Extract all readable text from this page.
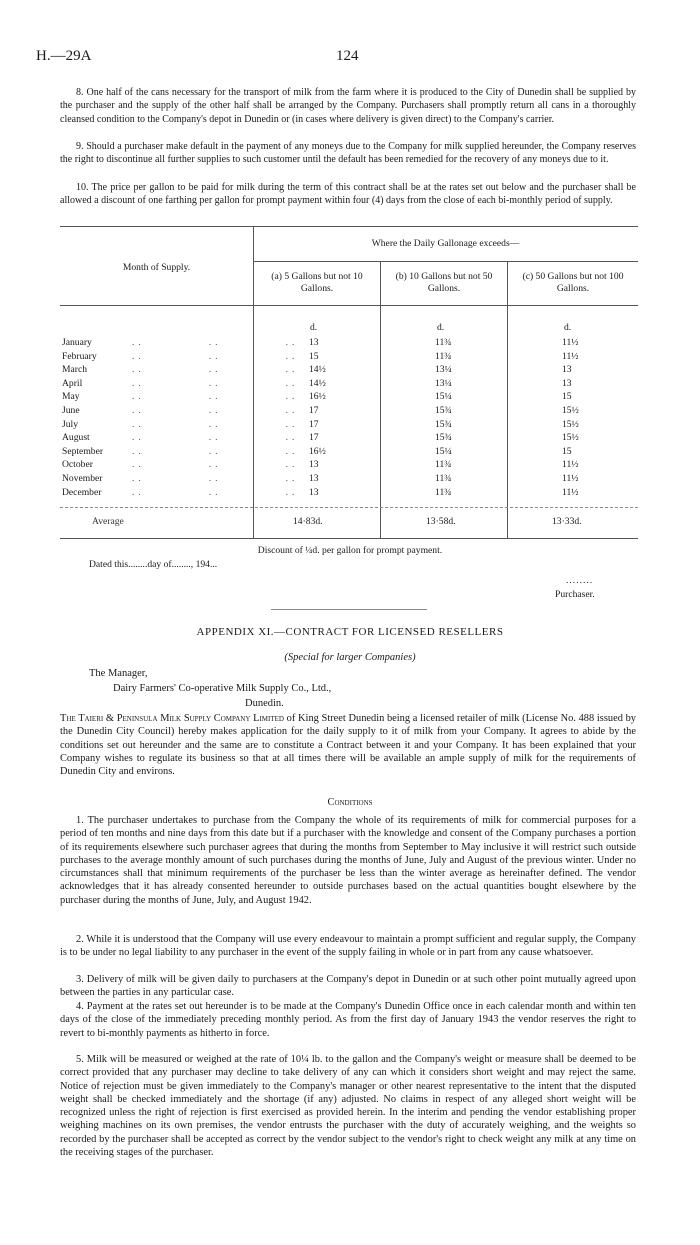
H.—29A	124

8. One half of the cans necessary for the transport of milk from the farm where it is produced to the City of Dunedin shall be supplied by the purchaser and the supply of the other half shall be arranged by the Company. Purchasers shall promptly return all cans in a thoroughly cleansed condition to the Company's depot in Dunedin or (in cases where delivery is given direct) to the Company's carrier.

9. Should a purchaser make default in the payment of any moneys due to the Company for milk supplied hereunder, the Company reserves the right to discontinue all further supplies to such customer until the default has been remedied for the recovery of any moneys due to it.

10. The price per gallon to be paid for milk during the term of this contract shall be at the rates set out below and the purchaser shall be allowed a discount of one farthing per gallon for prompt payment within four (4) days from the close of each bi-monthly period of supply.

Month of Supply.
Where the Daily Gallonage exceeds—
(a) 5 Gallons but not 10 Gallons.
(b) 10 Gallons but not 50 Gallons.
(c) 50 Gallons but not 100 Gallons.
d.	d.	d.
January	..          ..          .. 13	11¾	11½
February	..          ..          .. 15	11¾	11½
March	..          ..          .. 14½	13¼	13
April	..          ..          .. 14½	13¼	13
May	..          ..          .. 16½	15¼	15
June	..          ..          .. 17	15¾	15½
July	..          ..          .. 17	15¾	15½
August	..          ..          .. 17	15¾	15½
September	..          ..          .. 16½	15¼	15
October	..          ..          .. 13	11¾	11½
November	..          ..          .. 13	11¾	11½
December	..          ..          .. 13	11¾	11½
Average	14·83d.	13·58d.	13·33d.
Discount of ¼d. per gallon for prompt payment.
Dated this........day of........, 194...
........
Purchaser.
APPENDIX XI.—CONTRACT FOR LICENSED RESELLERS
(Special for larger Companies)
The Manager,
Dairy Farmers' Co-operative Milk Supply Co., Ltd.,
Dunedin.

The Taieri & Peninsula Milk Supply Company Limited of King Street Dunedin being a licensed retailer of milk (License No. 488 issued by the Dunedin City Council) hereby makes application for the daily supply to it of milk from your Company. It agrees to abide by the conditions set out hereunder and the same are to constitute a Contract between it and your Company. It has been explained that your Company wishes to regulate its business so that at all times there will be available an ample supply of milk for the requirements of Dunedin City and environs.

Conditions

1. The purchaser undertakes to purchase from the Company the whole of its requirements of milk for commercial purposes for a period of ten months and nine days from this date but if a purchaser with the knowledge and consent of the Company purchases a portion of its requirements elsewhere such purchaser agrees that during the months from September to May inclusive it will restrict such outside purchases to the average monthly amount of such purchases during the months of June, July and August of the previous winter. Under no circumstances shall that minimum requirements of the purchaser be less than the winter average as hereinafter defined. The vendor acknowledges that it has already consented hereunder to outside purchases based on the actual quantities bought elsewhere by the purchaser during the months of June, July, and August 1942.

2. While it is understood that the Company will use every endeavour to maintain a prompt sufficient and regular supply, the Company is to be under no legal liability to any purchaser in the event of the supply failing in whole or in part from any cause whatsoever.

3. Delivery of milk will be given daily to purchasers at the Company's depot in Dunedin or at such other point mutually agreed upon between the parties in any particular case.

4. Payment at the rates set out hereunder is to be made at the Company's Dunedin Office once in each calendar month and within ten days of the close of the immediately preceding monthly period. As from the first day of January 1943 the vendor reserves the right to revert to bi-monthly payments as hitherto in force.

5. Milk will be measured or weighed at the rate of 10¼ lb. to the gallon and the Company's weight or measure shall be deemed to be correct provided that any purchaser may decline to take delivery of any can which it considers short weight and may reject the same. Notice of rejection must be given immediately to the Company's manager or other nearest representative to the intent that the disputed weight shall be checked immediately and the shortage (if any) adjusted. No claims in respect of any alleged short weight will be recognized unless the right of rejection is first exercised as provided herein. In the interim and pending the vendor establishing proper weighing machines on its own premises, the vendor entrusts the purchaser with the duty of accurately weighing, and the weights so recorded by the purchaser shall be accepted as correct by the vendor subject to the vendor's right to check weight any milk at any time on the receiving stages of the purchaser.
